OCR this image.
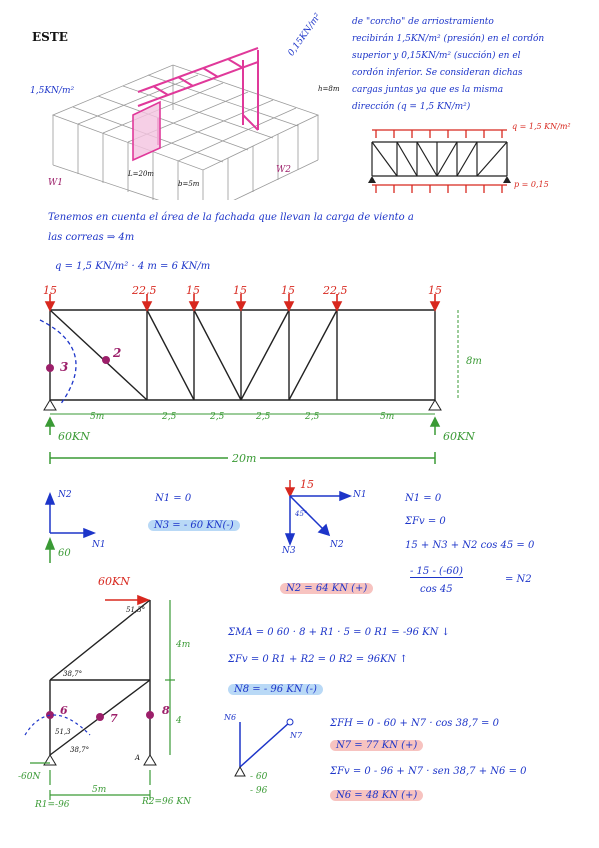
ESTE
1,5KN/m²
0,15KN/m²
W1
W2
L=20m
h=8m
b=5m
de "corcho" de arriostramiento
recibirán 1,5KN/m² (presión) en el cordón
superior y 0,15KN/m² (succión) en el
cordón inferior. Se consideran dichas
cargas juntas ya que es la misma
dirección (q = 1,5 KN/m²)
q = 1,5 KN/m²
p = 0,15
Tenemos en cuenta el área de la fachada que llevan la carga de viento a
las correas ⇒ 4m
q = 1,5 KN/m² · 4 m = 6 KN/m
15	22,5	15	15	15	22,5	15
3
2
8m
5m	2,5	2,5	2,5	2,5	5m
60KN	60KN
20m
N2
N1
60
N1 = 0
N3 = - 60 KN(-)
15
N1
45°
N3
N2
N1 = 0
ΣFv = 0
15 + N3 + N2 cos 45 = 0
- 15 - (-60)
cos 45
= N2
N2 = 64 KN (+)
60KN
51,3°
38,7°
51,3
38,7°
4m
4
5m
6
7
8
A
-60N
R1=-96	R2=96 KN
ΣMA = 0 60 · 8 + R1 · 5 = 0 R1 = -96 KN ↓
ΣFv = 0 R1 + R2 = 0 R2 = 96KN ↑
N8 = - 96 KN (-)
N6
N7
- 60
- 96
ΣFH = 0 - 60 + N7 · cos 38,7 = 0
N7 = 77 KN (+)
ΣFv = 0 - 96 + N7 · sen 38,7 + N6 = 0
N6 = 48 KN (+)
